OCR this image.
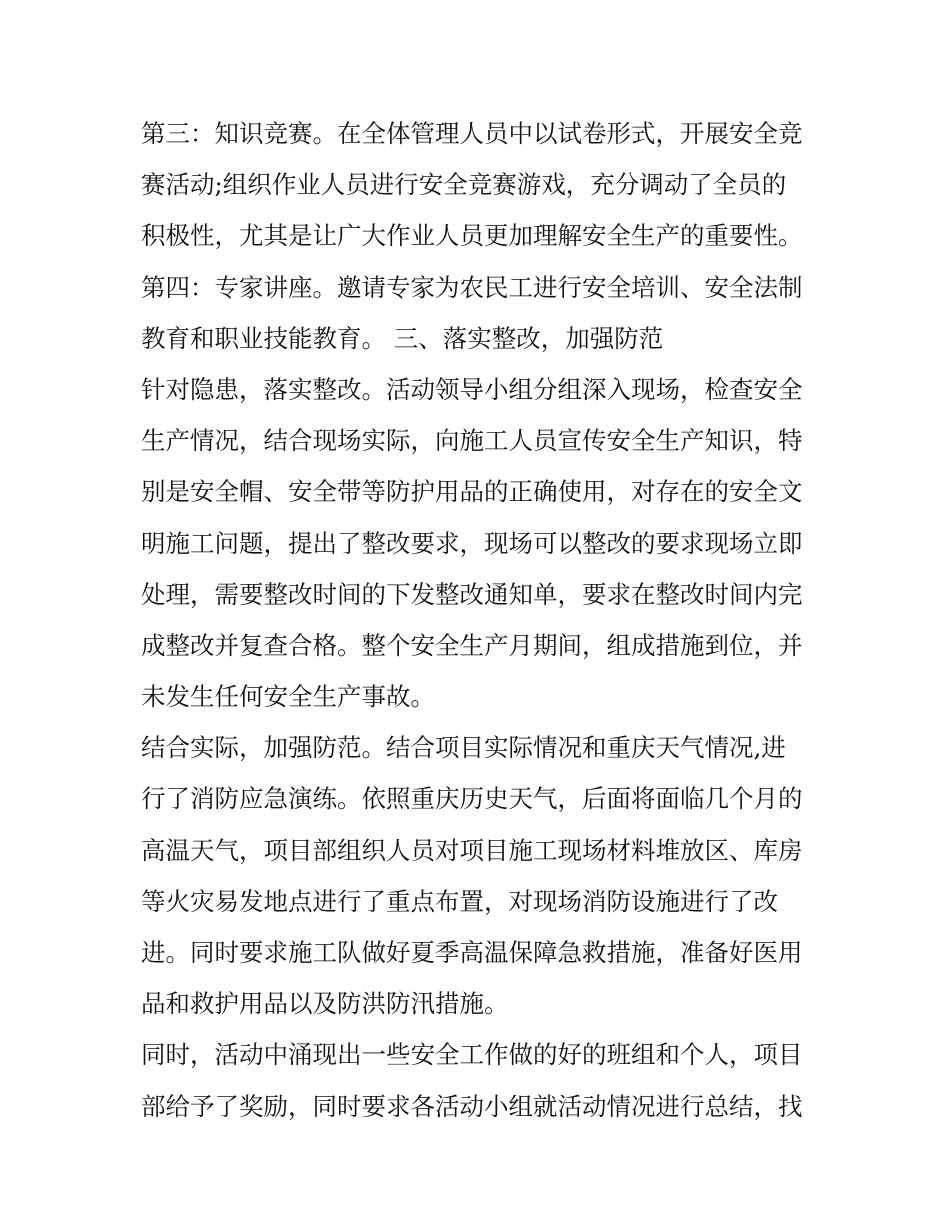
第三：知识竞赛。在全体管理人员中以试卷形式，开展安全竞
赛活动;组织作业人员进行安全竞赛游戏，充分调动了全员的
积极性，尤其是让广大作业人员更加理解安全生产的重要性。
第四：专家讲座。邀请专家为农民工进行安全培训、安全法制
教育和职业技能教育。 三、落实整改，加强防范
针对隐患，落实整改。活动领导小组分组深入现场，检查安全
生产情况，结合现场实际，向施工人员宣传安全生产知识，特
别是安全帽、安全带等防护用品的正确使用，对存在的安全文
明施工问题，提出了整改要求，现场可以整改的要求现场立即
处理，需要整改时间的下发整改通知单，要求在整改时间内完
成整改并复查合格。整个安全生产月期间，组成措施到位，并
未发生任何安全生产事故。
结合实际，加强防范。结合项目实际情况和重庆天气情况,进
行了消防应急演练。依照重庆历史天气，后面将面临几个月的
高温天气，项目部组织人员对项目施工现场材料堆放区、库房
等火灾易发地点进行了重点布置，对现场消防设施进行了改
进。同时要求施工队做好夏季高温保障急救措施，准备好医用
品和救护用品以及防洪防汛措施。
同时，活动中涌现出一些安全工作做的好的班组和个人，项目
部给予了奖励，同时要求各活动小组就活动情况进行总结，找
